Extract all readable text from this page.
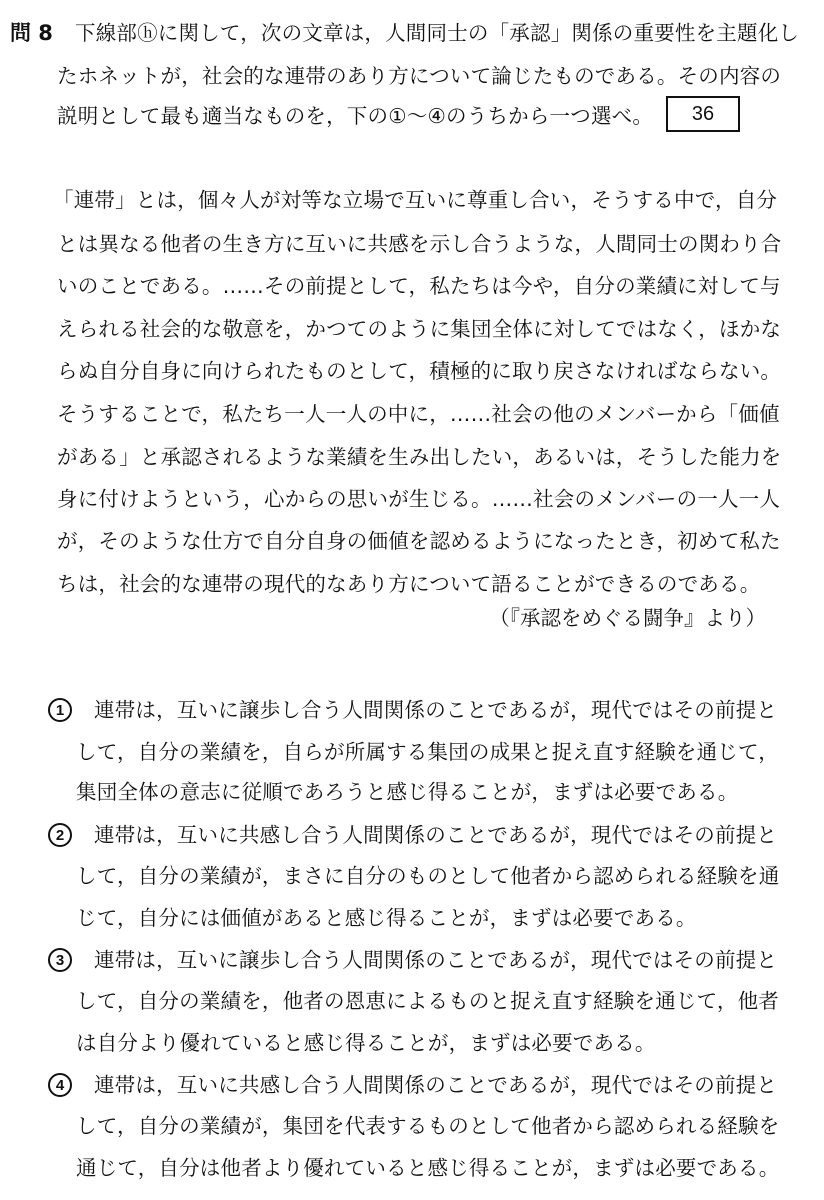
問 8 下線部ⓗに関して，次の文章は，人間同士の「承認」関係の重要性を主題化し
たホネットが，社会的な連帯のあり方について論じたものである。その内容の
説明として最も適当なものを，下の①～④のうちから一つ選べ。	36
「連帯」とは，個々人が対等な立場で互いに尊重し合い，そうする中で，自分
とは異なる他者の生き方に互いに共感を示し合うような，人間同士の関わり合
いのことである。……その前提として，私たちは今や，自分の業績に対して与
えられる社会的な敬意を，かつてのように集団全体に対してではなく，ほかな
らぬ自分自身に向けられたものとして，積極的に取り戻さなければならない。
そうすることで，私たち一人一人の中に，……社会の他のメンバーから「価値
がある」と承認されるような業績を生み出したい，あるいは，そうした能力を
身に付けようという，心からの思いが生じる。……社会のメンバーの一人一人
が，そのような仕方で自分自身の価値を認めるようになったとき，初めて私た
ちは，社会的な連帯の現代的なあり方について語ることができるのである。
（『承認をめぐる闘争』より）
1	連帯は，互いに譲歩し合う人間関係のことであるが，現代ではその前提と
して，自分の業績を，自らが所属する集団の成果と捉え直す経験を通じて，
集団全体の意志に従順であろうと感じ得ることが，まずは必要である。
2	連帯は，互いに共感し合う人間関係のことであるが，現代ではその前提と
して，自分の業績が，まさに自分のものとして他者から認められる経験を通
じて，自分には価値があると感じ得ることが，まずは必要である。
3	連帯は，互いに譲歩し合う人間関係のことであるが，現代ではその前提と
して，自分の業績を，他者の恩恵によるものと捉え直す経験を通じて，他者
は自分より優れていると感じ得ることが，まずは必要である。
4	連帯は，互いに共感し合う人間関係のことであるが，現代ではその前提と
して，自分の業績が，集団を代表するものとして他者から認められる経験を
通じて，自分は他者より優れていると感じ得ることが，まずは必要である。
